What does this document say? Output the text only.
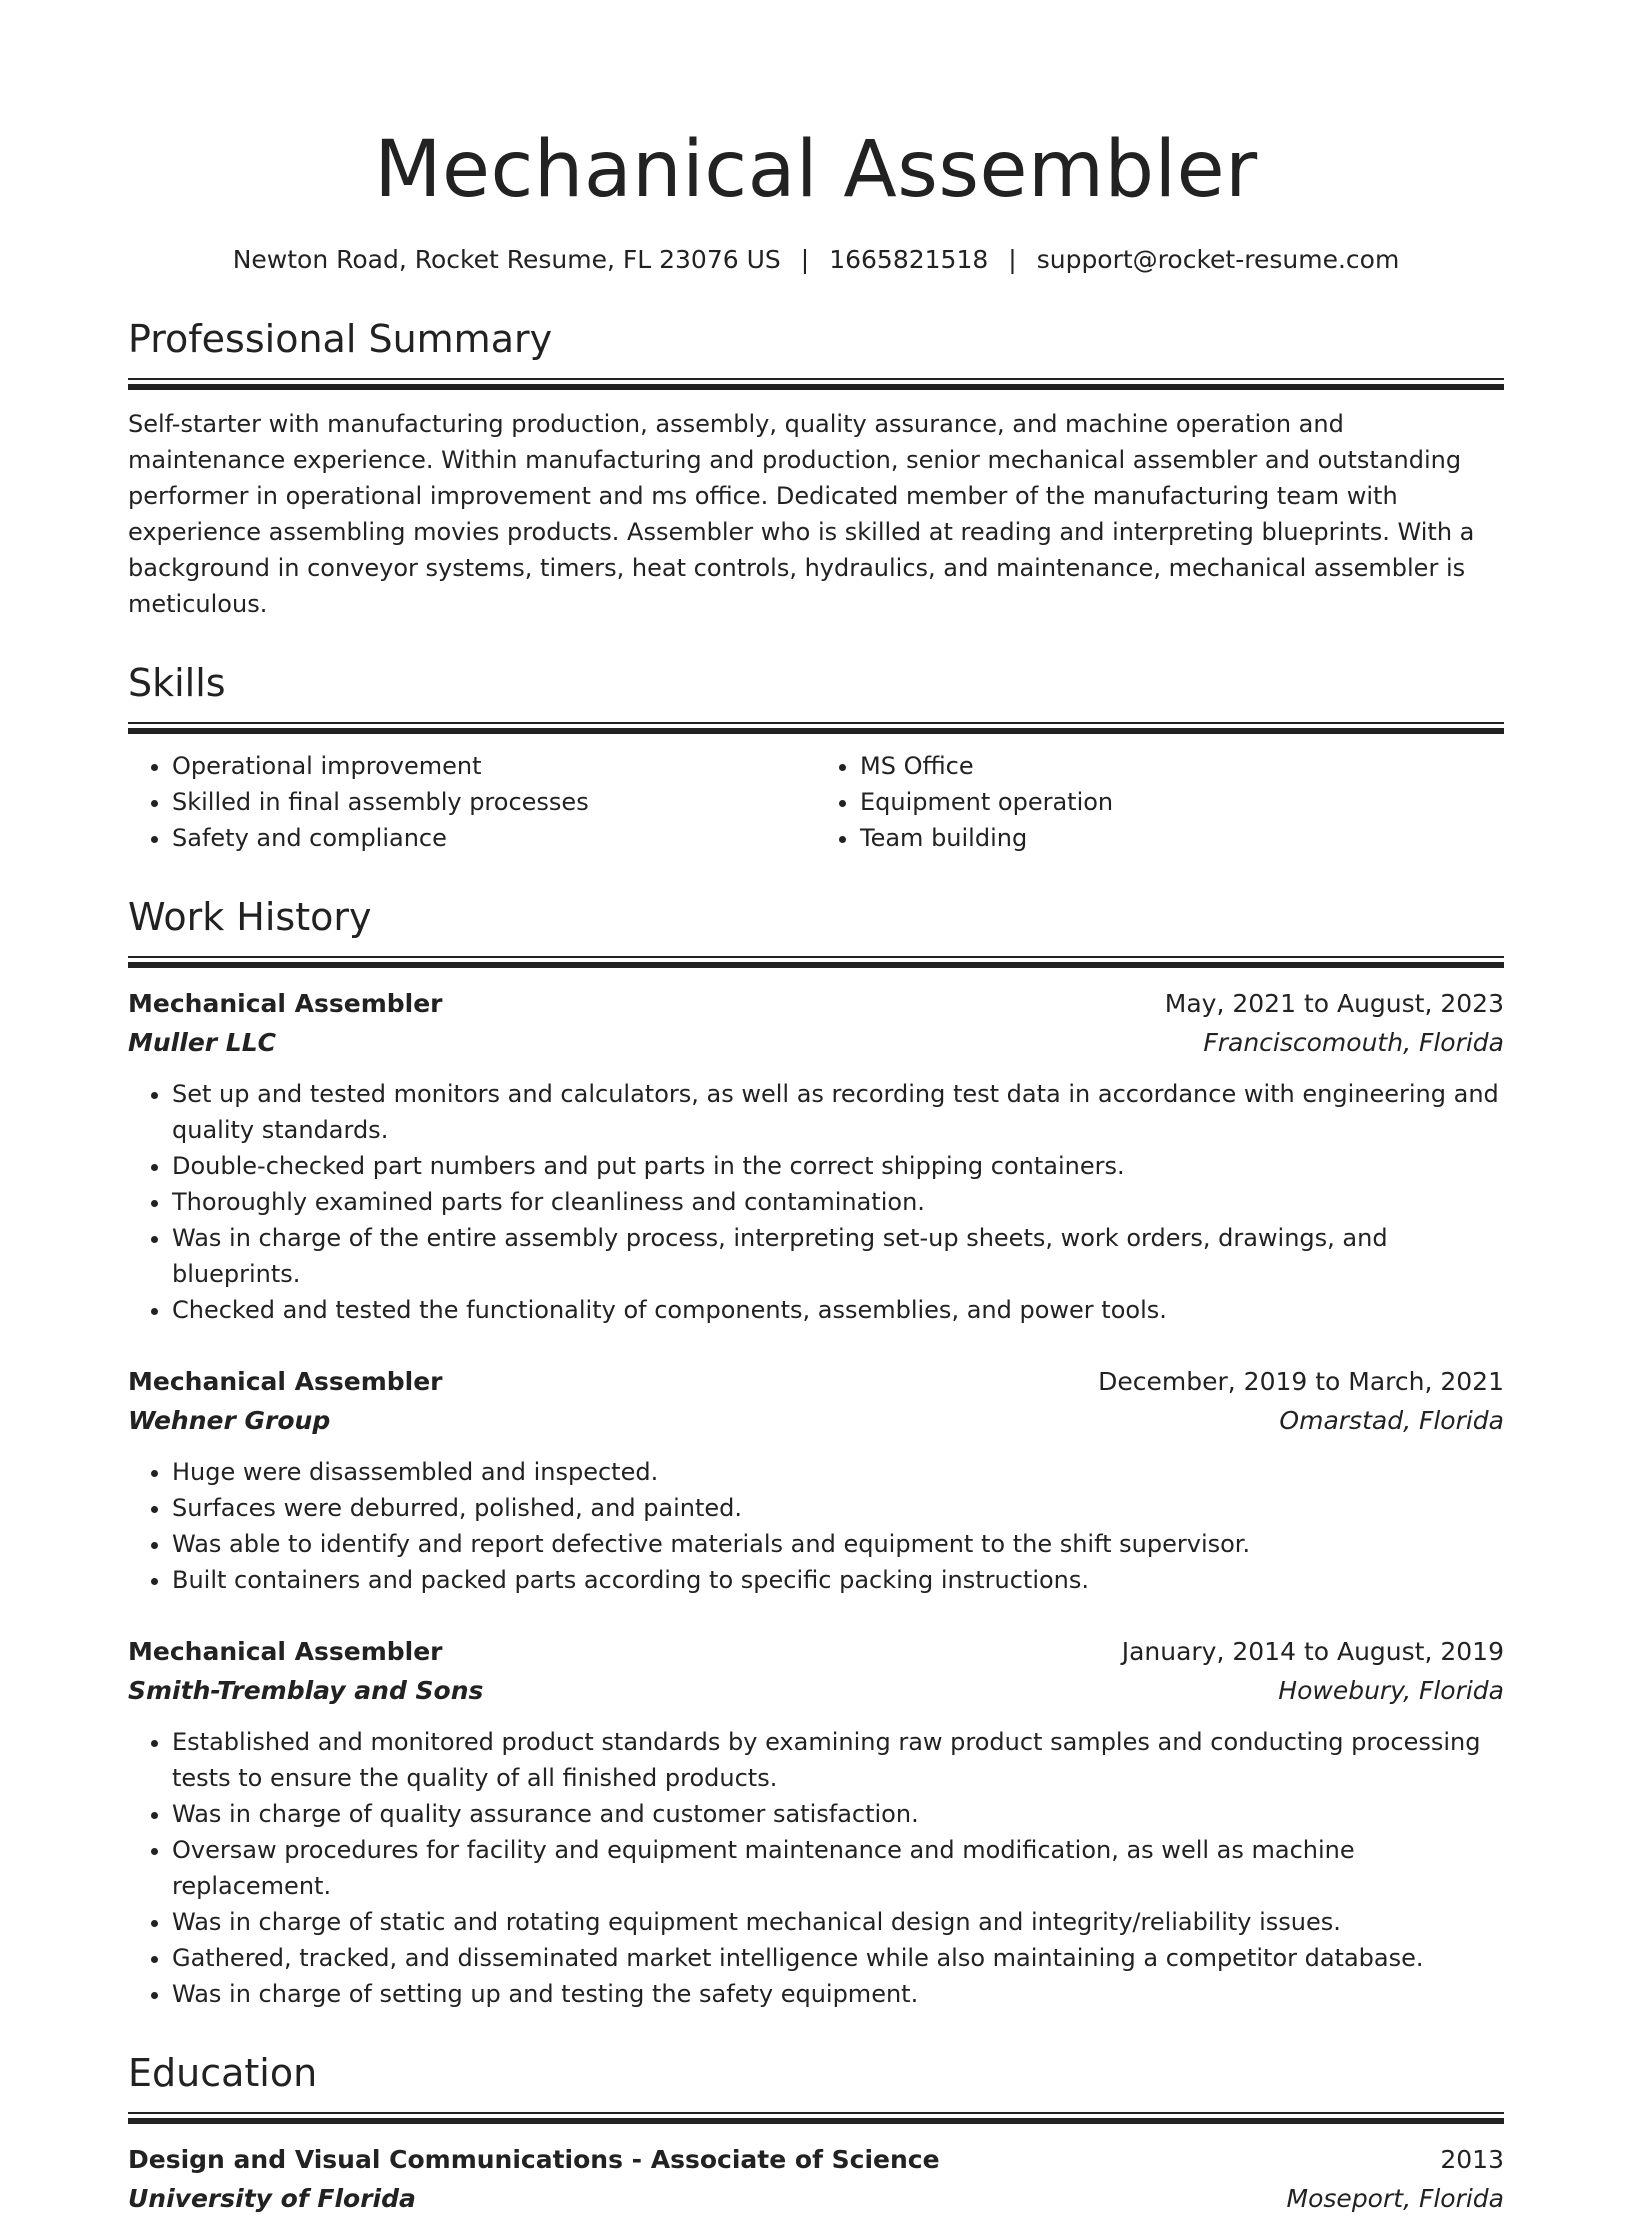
Mechanical Assembler
Newton Road, Rocket Resume, FL 23076 US | 1665821518 | support@rocket-resume.com
Professional Summary
Self-starter with manufacturing production, assembly, quality assurance, and machine operation and maintenance experience. Within manufacturing and production, senior mechanical assembler and outstanding performer in operational improvement and ms office. Dedicated member of the manufacturing team with experience assembling movies products. Assembler who is skilled at reading and interpreting blueprints. With a background in conveyor systems, timers, heat controls, hydraulics, and maintenance, mechanical assembler is meticulous.
Skills
• Operational improvement
• Skilled in final assembly processes
• Safety and compliance
• MS Office
• Equipment operation
• Team building
Work History
Mechanical Assembler	May, 2021 to August, 2023
Muller LLC	Franciscomouth, Florida
• Set up and tested monitors and calculators, as well as recording test data in accordance with engineering and quality standards.
• Double-checked part numbers and put parts in the correct shipping containers.
• Thoroughly examined parts for cleanliness and contamination.
• Was in charge of the entire assembly process, interpreting set-up sheets, work orders, drawings, and blueprints.
• Checked and tested the functionality of components, assemblies, and power tools.
Mechanical Assembler	December, 2019 to March, 2021
Wehner Group	Omarstad, Florida
• Huge were disassembled and inspected.
• Surfaces were deburred, polished, and painted.
• Was able to identify and report defective materials and equipment to the shift supervisor.
• Built containers and packed parts according to specific packing instructions.
Mechanical Assembler	January, 2014 to August, 2019
Smith-Tremblay and Sons	Howebury, Florida
• Established and monitored product standards by examining raw product samples and conducting processing tests to ensure the quality of all finished products.
• Was in charge of quality assurance and customer satisfaction.
• Oversaw procedures for facility and equipment maintenance and modification, as well as machine replacement.
• Was in charge of static and rotating equipment mechanical design and integrity/reliability issues.
• Gathered, tracked, and disseminated market intelligence while also maintaining a competitor database.
• Was in charge of setting up and testing the safety equipment.
Education
Design and Visual Communications - Associate of Science	2013
University of Florida	Moseport, Florida
